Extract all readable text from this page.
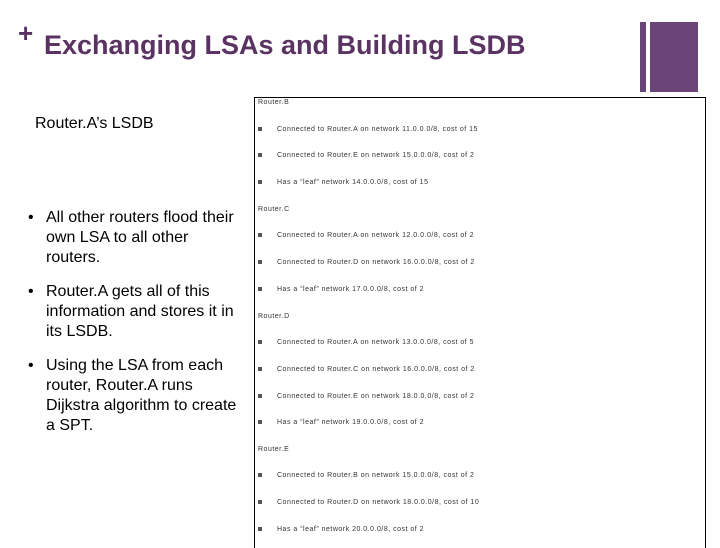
+ Exchanging LSAs and Building LSDB
Router.A’s LSDB
• All other routers flood their own LSA to all other routers.
• Router.A gets all of this information and stores it in its LSDB.
• Using the LSA from each router, Router.A runs Dijkstra algorithm to create a SPT.
Router.B
Connected to Router.A on network 11.0.0.0/8, cost of 15
Connected to Router.E on network 15.0.0.0/8, cost of 2
Has a “leaf” network 14.0.0.0/8, cost of 15
Router.C
Connected to Router.A on network 12.0.0.0/8, cost of 2
Connected to Router.D on network 16.0.0.0/8, cost of 2
Has a “leaf” network 17.0.0.0/8, cost of 2
Router.D
Connected to Router.A on network 13.0.0.0/8, cost of 5
Connected to Router.C on network 16.0.0.0/8, cost of 2
Connected to Router.E on network 18.0.0.0/8, cost of 2
Has a “leaf” network 19.0.0.0/8, cost of 2
Router.E
Connected to Router.B on network 15.0.0.0/8, cost of 2
Connected to Router.D on network 18.0.0.0/8, cost of 10
Has a “leaf” network 20.0.0.0/8, cost of 2
